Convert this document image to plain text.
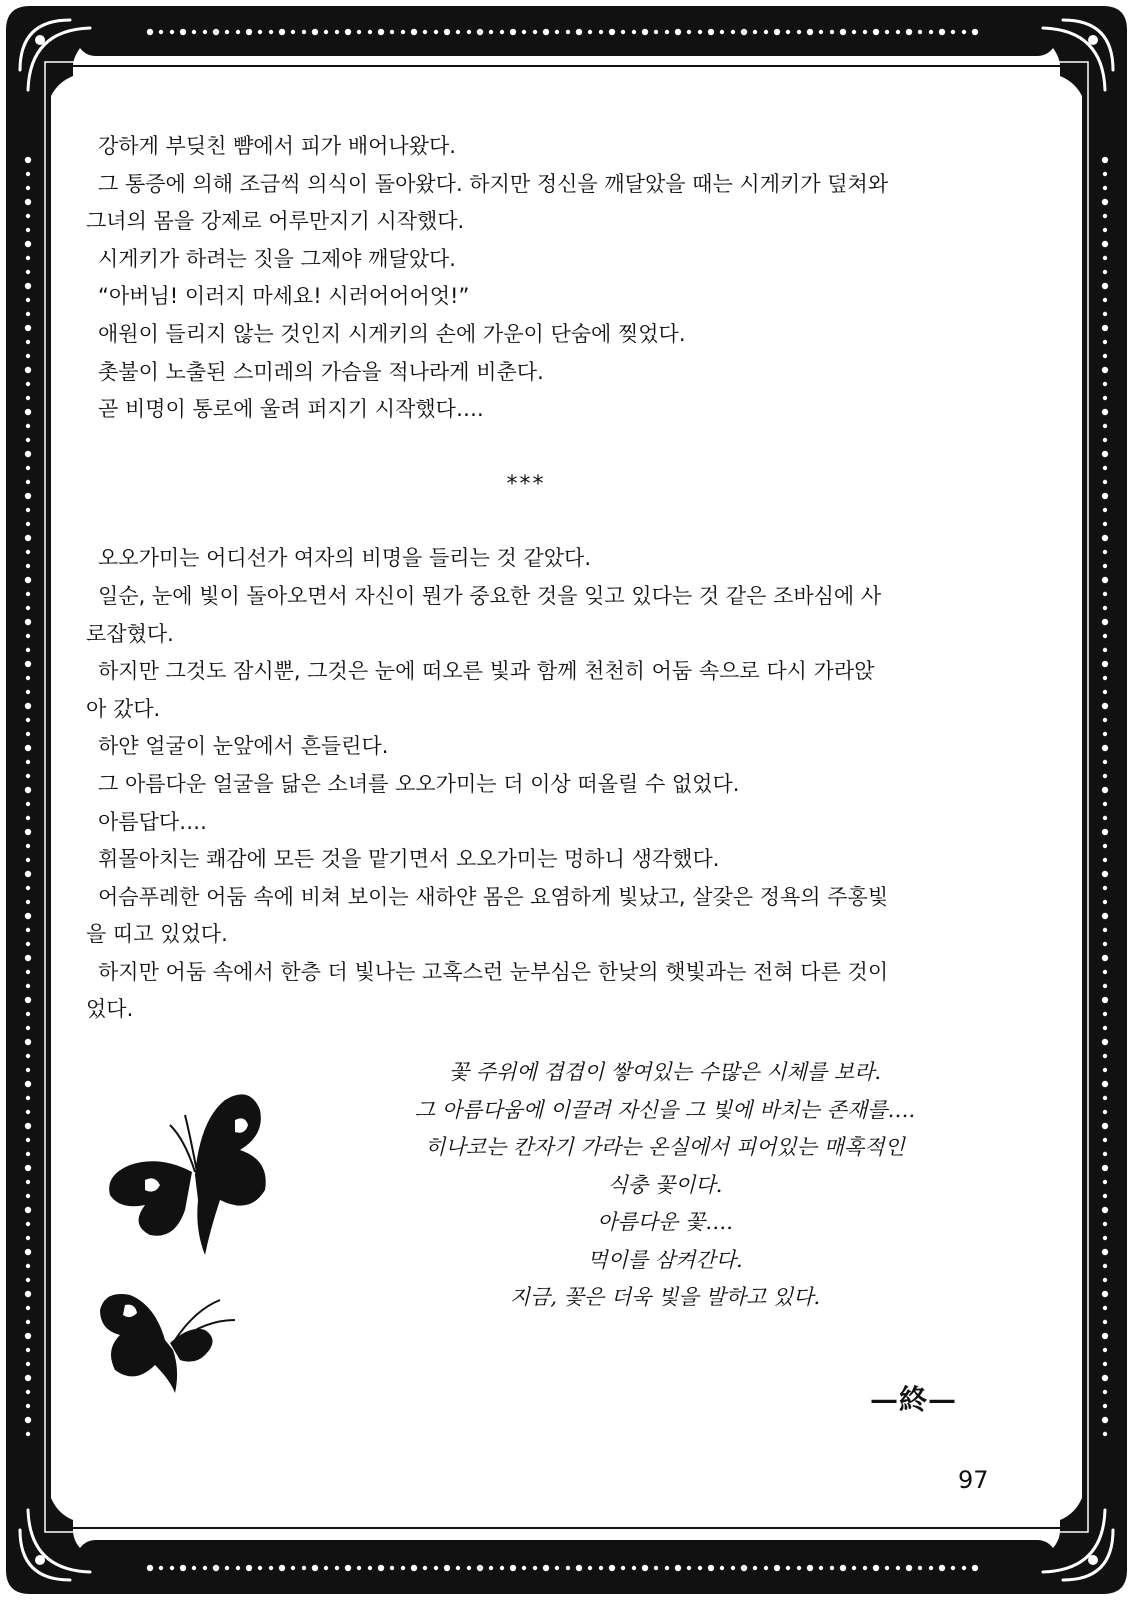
강하게 부딪친 뺨에서 피가 배어나왔다.

그 통증에 의해 조금씩 의식이 돌아왔다. 하지만 정신을 깨달았을 때는 시게키가 덮쳐와

그녀의 몸을 강제로 어루만지기 시작했다.

시게키가 하려는 짓을 그제야 깨달았다.

“아버님! 이러지 마세요! 시러어어어엇!”

애원이 들리지 않는 것인지 시게키의 손에 가운이 단숨에 찢었다.

촛불이 노출된 스미레의 가슴을 적나라게 비춘다.

곧 비명이 통로에 울려 퍼지기 시작했다….

***

오오가미는 어디선가 여자의 비명을 들리는 것 같았다.

일순, 눈에 빛이 돌아오면서 자신이 뭔가 중요한 것을 잊고 있다는 것 같은 조바심에 사

로잡혔다.

하지만 그것도 잠시뿐, 그것은 눈에 떠오른 빛과 함께 천천히 어둠 속으로 다시 가라앉

아 갔다.

하얀 얼굴이 눈앞에서 흔들린다.

그 아름다운 얼굴을 닮은 소녀를 오오가미는 더 이상 떠올릴 수 없었다.

아름답다….

휘몰아치는 쾌감에 모든 것을 맡기면서 오오가미는 멍하니 생각했다.

어슴푸레한 어둠 속에 비쳐 보이는 새하얀 몸은 요염하게 빛났고, 살갗은 정욕의 주홍빛

을 띠고 있었다.

하지만 어둠 속에서 한층 더 빛나는 고혹스런 눈부심은 한낮의 햇빛과는 전혀 다른 것이

었다.

꽃 주위에 겹겹이 쌓여있는 수많은 시체를 보라.

그 아름다움에 이끌려 자신을 그 빛에 바치는 존재를….

히나코는 칸자기 가라는 온실에서 피어있는 매혹적인

식충 꽃이다.

아름다운 꽃….

먹이를 삼켜간다.

지금, 꽃은 더욱 빛을 발하고 있다.

—終—
97
